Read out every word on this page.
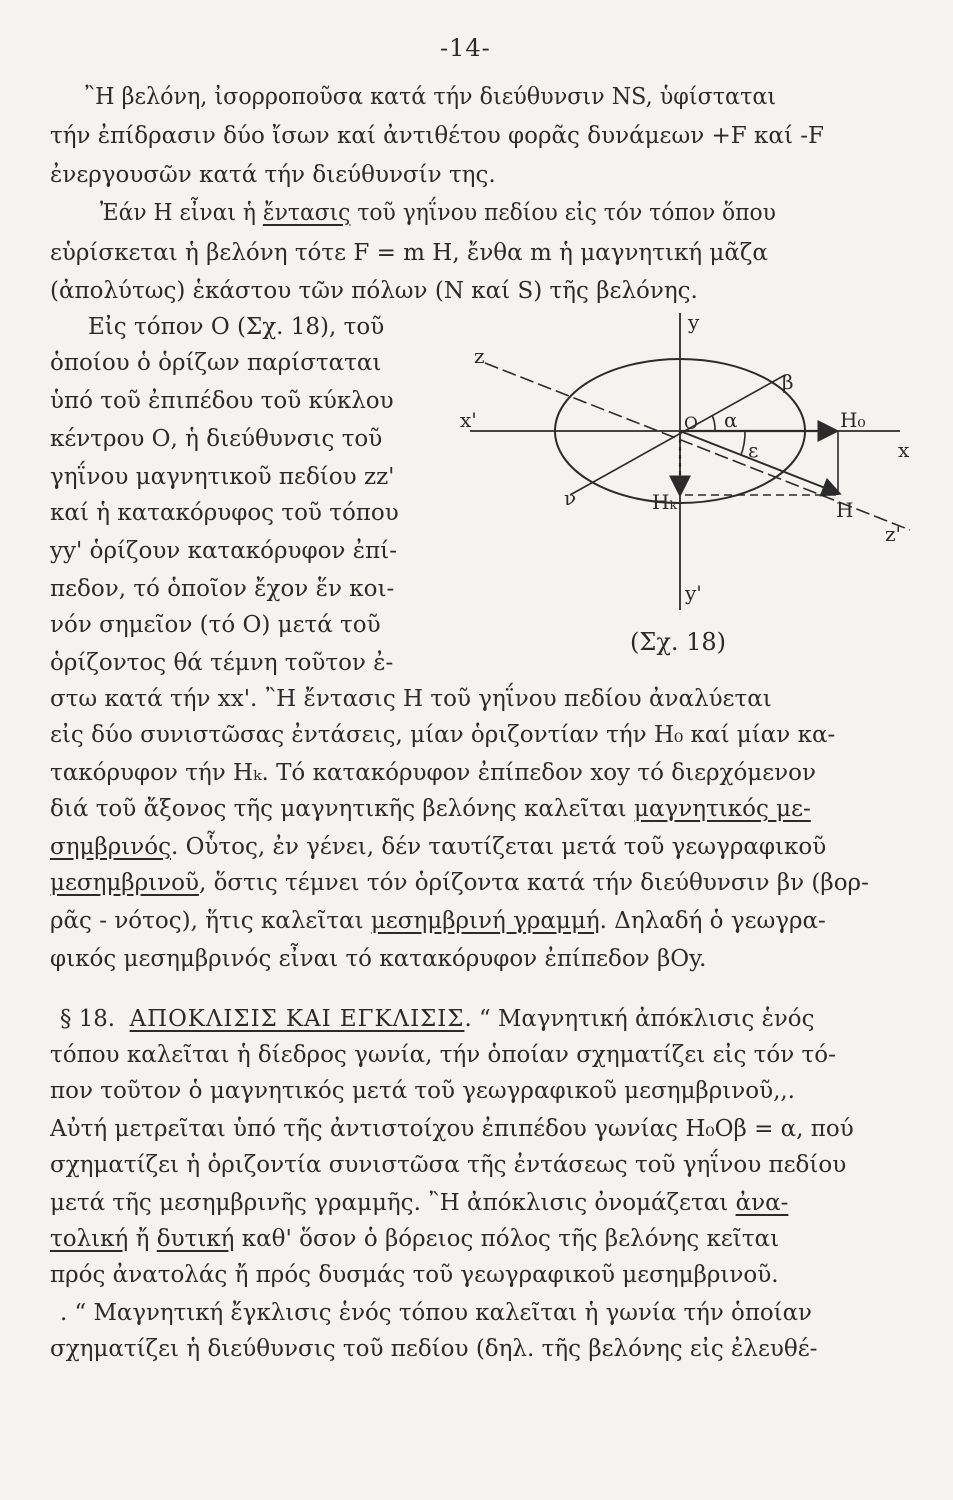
-14-
῍Η βελόνη, ἰσορροποῦσα κατά τήν διεύθυνσιν NS, ὑφίσταται
τήν ἐπίδρασιν δύο ἴσων καί ἀντιθέτου φορᾶς δυνάμεων +F καί -F
ἐνεργουσῶν κατά τήν διεύθυνσίν της.
Ἐάν Η εἶναι ἡ ἔντασις τοῦ γηΐνου πεδίου εἰς τόν τόπον ὅπου
εὑρίσκεται ἡ βελόνη τότε F = m H, ἔνθα m ἡ μαγνητική μᾶζα
(ἀπολύτως) ἑκάστου τῶν πόλων (N καί S) τῆς βελόνης.
Εἰς τόπον Ο (Σχ. 18), τοῦ
ὁποίου ὁ ὁρίζων παρίσταται
ὑπό τοῦ ἐπιπέδου τοῦ κύκλου
κέντρου Ο, ἡ διεύθυνσις τοῦ
γηΐνου μαγνητικοῦ πεδίου zz'
καί ἡ κατακόρυφος τοῦ τόπου
yy' ὁρίζουν κατακόρυφον ἐπί-
πεδον, τό ὁποῖον ἔχον ἕν κοι-
νόν σημεῖον (τό Ο) μετά τοῦ
ὁρίζοντος θά τέμνη τοῦτον ἐ-
y
y'
z
z'
x
x'	O
β
ν
α
ε
H₀
Hₖ	H
(Σχ. 18)
στω κατά τήν xx'. ῍Η ἔντασις Η τοῦ γηΐνου πεδίου ἀναλύεται
εἰς δύο συνιστῶσας ἐντάσεις, μίαν ὁριζοντίαν τήν H₀ καί μίαν κα-
τακόρυφον τήν Hₖ. Τό κατακόρυφον ἐπίπεδον xoy τό διερχόμενον
διά τοῦ ἄξονος τῆς μαγνητικῆς βελόνης καλεῖται μαγνητικός με-
σημβρινός. Οὗτος, ἐν γένει, δέν ταυτίζεται μετά τοῦ γεωγραφικοῦ
μεσημβρινοῦ, ὅστις τέμνει τόν ὁρίζοντα κατά τήν διεύθυνσιν βν (βορ-
ρᾶς - νότος), ἥτις καλεῖται μεσημβρινή γραμμή. Δηλαδή ὁ γεωγρα-
φικός μεσημβρινός εἶναι τό κατακόρυφον ἐπίπεδον βΟy.
§ 18. ΑΠΟΚΛΙΣΙΣ ΚΑΙ ΕΓΚΛΙΣΙΣ. “ Μαγνητική ἀπόκλισις ἑνός
τόπου καλεῖται ἡ δίεδρος γωνία, τήν ὁποίαν σχηματίζει εἰς τόν τό-
πον τοῦτον ὁ μαγνητικός μετά τοῦ γεωγραφικοῦ μεσημβρινοῦ,,.
Αὐτή μετρεῖται ὑπό τῆς ἀντιστοίχου ἐπιπέδου γωνίας H₀Oβ = α, πού
σχηματίζει ἡ ὁριζοντία συνιστῶσα τῆς ἐντάσεως τοῦ γηΐνου πεδίου
μετά τῆς μεσημβρινῆς γραμμῆς. ῍Η ἀπόκλισις ὀνομάζεται ἀνα-
τολική ἤ δυτική καθ' ὅσον ὁ βόρειος πόλος τῆς βελόνης κεῖται
πρός ἀνατολάς ἤ πρός δυσμάς τοῦ γεωγραφικοῦ μεσημβρινοῦ.
. “ Μαγνητική ἔγκλισις ἑνός τόπου καλεῖται ἡ γωνία τήν ὁποίαν
σχηματίζει ἡ διεύθυνσις τοῦ πεδίου (δηλ. τῆς βελόνης εἰς ἐλευθέ-
